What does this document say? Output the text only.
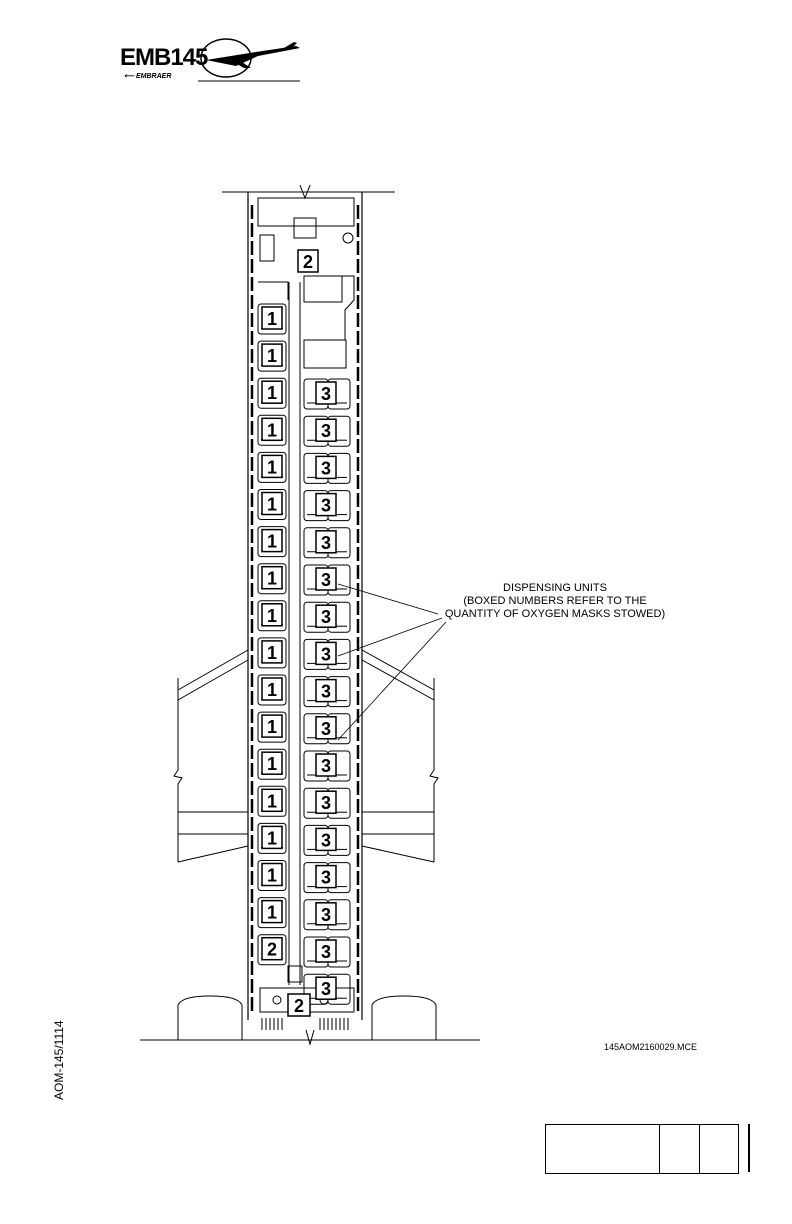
EMB145
⟵ EMBRAER
1
1
1
1
1
1
1
1
1
1
1
1
1
1
1
1
1
2
3
3
3
3
3
3
3
3
3
3
3
3
3
3
3
3
3
2
2
DISPENSING UNITS
(BOXED NUMBERS REFER TO THE
QUANTITY OF OXYGEN MASKS STOWED)
145AOM2160029.MCE
AOM-145/1114
